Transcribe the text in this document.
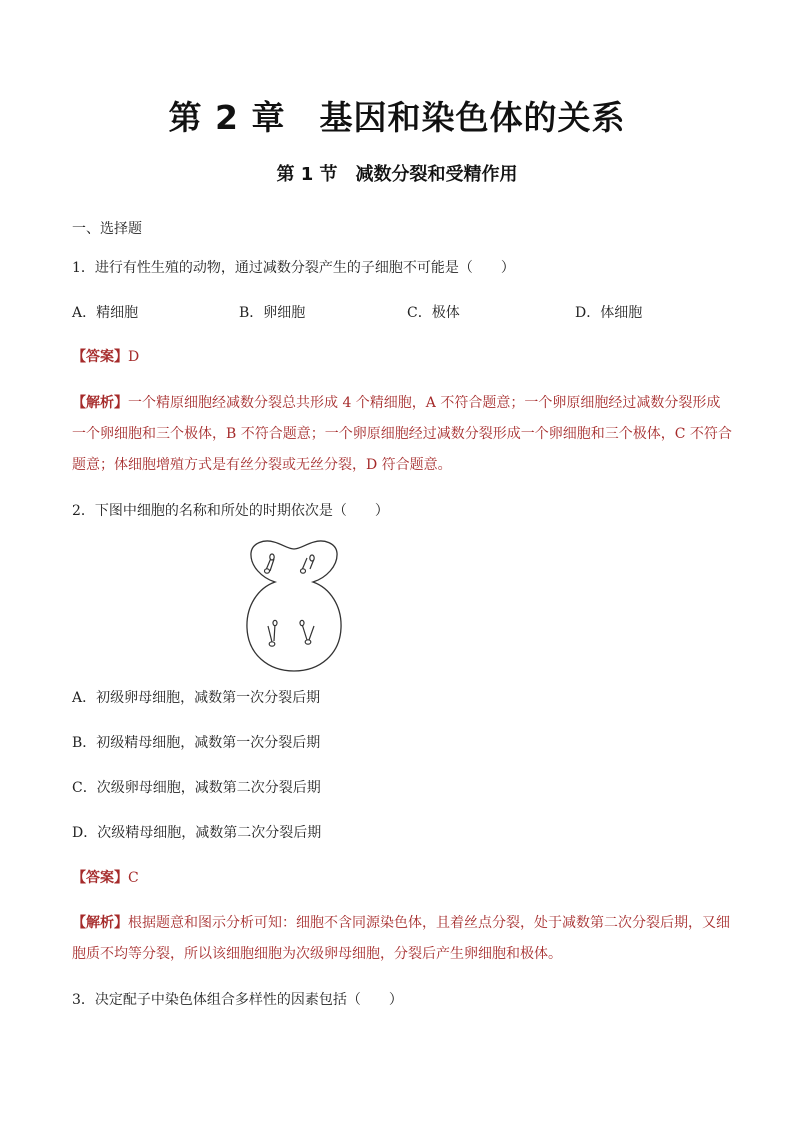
第 2 章　基因和染色体的关系
第 1 节　减数分裂和受精作用
一、选择题
1．进行有性生殖的动物，通过减数分裂产生的子细胞不可能是（　　）
A．精细胞	B．卵细胞	C．极体	D．体细胞
【答案】D
【解析】一个精原细胞经减数分裂总共形成 4 个精细胞，A 不符合题意；一个卵原细胞经过减数分裂形成一个卵细胞和三个极体，B 不符合题意；一个卵原细胞经过减数分裂形成一个卵细胞和三个极体，C 不符合题意；体细胞增殖方式是有丝分裂或无丝分裂，D 符合题意。
2．下图中细胞的名称和所处的时期依次是（　　）
A．初级卵母细胞，减数第一次分裂后期
B．初级精母细胞，减数第一次分裂后期
C．次级卵母细胞，减数第二次分裂后期
D．次级精母细胞，减数第二次分裂后期
【答案】C
【解析】根据题意和图示分析可知：细胞不含同源染色体，且着丝点分裂，处于减数第二次分裂后期，又细胞质不均等分裂，所以该细胞细胞为次级卵母细胞，分裂后产生卵细胞和极体。
3．决定配子中染色体组合多样性的因素包括（　　）
